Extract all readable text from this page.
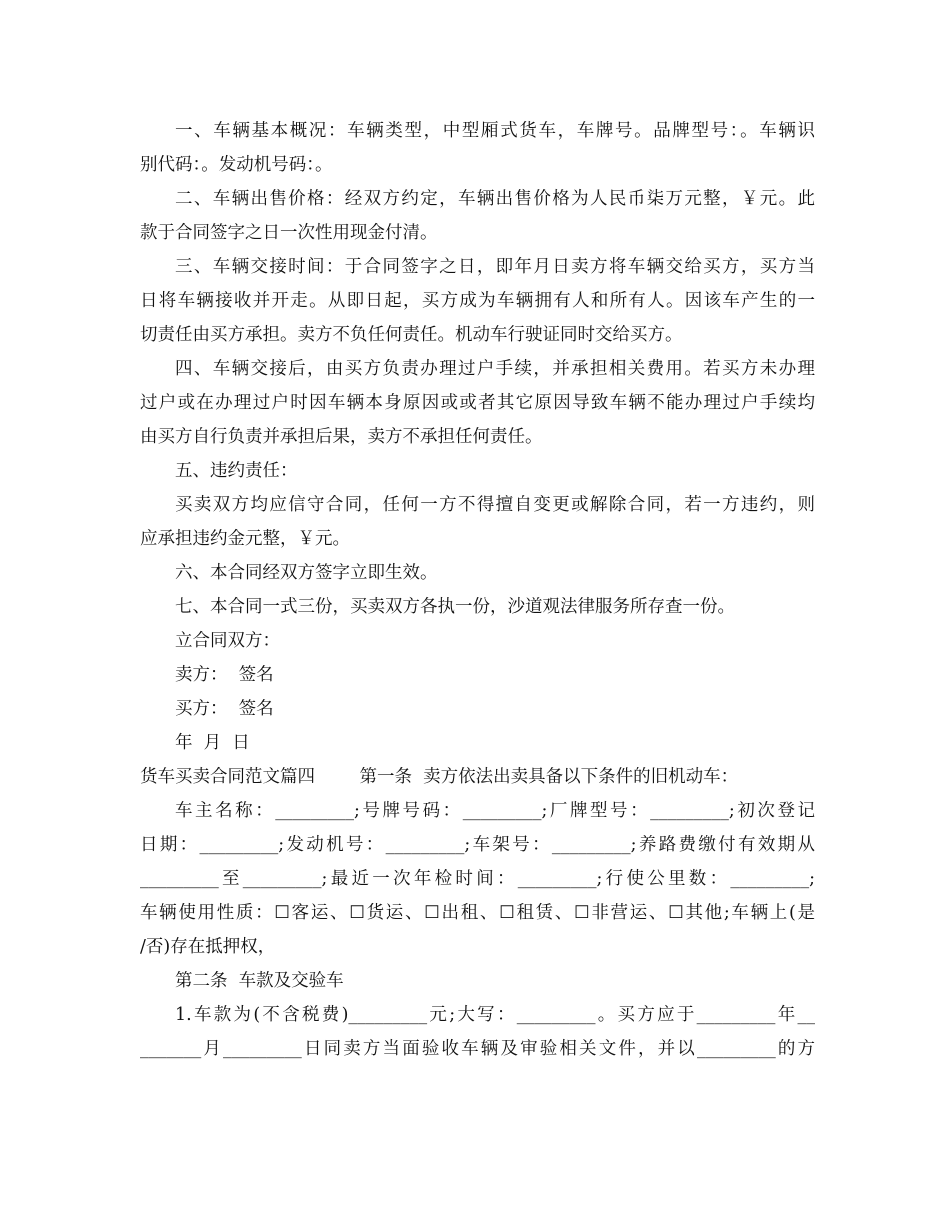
一、车辆基本概况：车辆类型，中型厢式货车，车牌号。品牌型号：。车辆识
别代码：。发动机号码：。
二、车辆出售价格：经双方约定，车辆出售价格为人民币柒万元整，￥元。此
款于合同签字之日一次性用现金付清。
三、车辆交接时间：于合同签字之日，即年月日卖方将车辆交给买方，买方当
日将车辆接收并开走。从即日起，买方成为车辆拥有人和所有人。因该车产生的一
切责任由买方承担。卖方不负任何责任。机动车行驶证同时交给买方。
四、车辆交接后，由买方负责办理过户手续，并承担相关费用。若买方未办理
过户或在办理过户时因车辆本身原因或或者其它原因导致车辆不能办理过户手续均
由买方自行负责并承担后果，卖方不承担任何责任。
五、违约责任：
买卖双方均应信守合同，任何一方不得擅自变更或解除合同，若一方违约，则
应承担违约金元整，￥元。
六、本合同经双方签字立即生效。
七、本合同一式三份，买卖双方各执一份，沙道观法律服务所存查一份。
立合同双方：
卖方：  签名
买方：  签名
年  月  日
货车买卖合同范文篇四        第一条  卖方依法出卖具备以下条件的旧机动车：
车主名称：_________;号牌号码：_________;厂牌型号：_________;初次登记
日期：_________;发动机号：_________;车架号：_________;养路费缴付有效期从
_________至_________;最近一次年检时间：_________;行使公里数：_________;
车辆使用性质：☐客运、☐货运、☐出租、☐租赁、☐非营运、☐其他;车辆上(是
/否)存在抵押权，
第二条  车款及交验车
1.车款为(不含税费)_________元;大写：_________。买方应于_________年__
_______月_________日同卖方当面验收车辆及审验相关文件，并以_________的方
